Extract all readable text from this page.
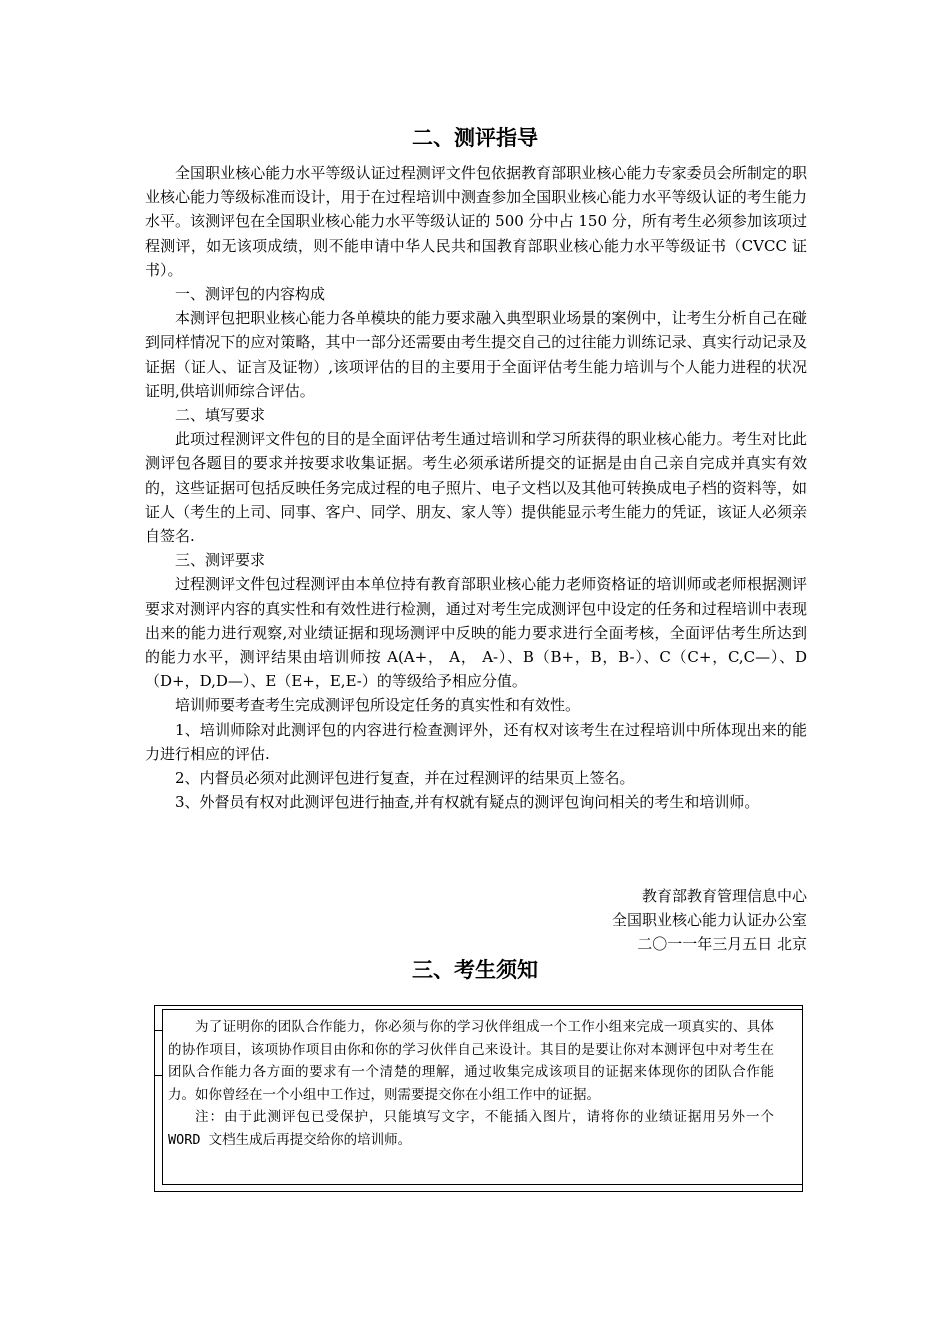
二、测评指导

全国职业核心能力水平等级认证过程测评文件包依据教育部职业核心能力专家委员会所制定的职业核心能力等级标准而设计，用于在过程培训中测查参加全国职业核心能力水平等级认证的考生能力水平。该测评包在全国职业核心能力水平等级认证的 500 分中占 150 分，所有考生必须参加该项过程测评，如无该项成绩，则不能申请中华人民共和国教育部职业核心能力水平等级证书（CVCC 证书）。

一、测评包的内容构成

本测评包把职业核心能力各单模块的能力要求融入典型职业场景的案例中，让考生分析自己在碰到同样情况下的应对策略，其中一部分还需要由考生提交自己的过往能力训练记录、真实行动记录及证据（证人、证言及证物）,该项评估的目的主要用于全面评估考生能力培训与个人能力进程的状况证明,供培训师综合评估。

二、填写要求

此项过程测评文件包的目的是全面评估考生通过培训和学习所获得的职业核心能力。考生对比此测评包各题目的要求并按要求收集证据。考生必须承诺所提交的证据是由自己亲自完成并真实有效的，这些证据可包括反映任务完成过程的电子照片、电子文档以及其他可转换成电子档的资料等，如证人（考生的上司、同事、客户、同学、朋友、家人等）提供能显示考生能力的凭证，该证人必须亲自签名.

三、测评要求

过程测评文件包过程测评由本单位持有教育部职业核心能力老师资格证的培训师或老师根据测评要求对测评内容的真实性和有效性进行检测，通过对考生完成测评包中设定的任务和过程培训中表现出来的能力进行观察,对业绩证据和现场测评中反映的能力要求进行全面考核，全面评估考生所达到的能力水平，测评结果由培训师按 A(A+， A， A-）、B（B+，B，B-）、C（C+，C,C—）、D（D+，D,D—）、E（E+，E,E-）的等级给予相应分值。

培训师要考查考生完成测评包所设定任务的真实性和有效性。

1、培训师除对此测评包的内容进行检查测评外，还有权对该考生在过程培训中所体现出来的能力进行相应的评估.

2、内督员必须对此测评包进行复查，并在过程测评的结果页上签名。

3、外督员有权对此测评包进行抽查,并有权就有疑点的测评包询问相关的考生和培训师。

教育部教育管理信息中心
全国职业核心能力认证办公室
二〇一一年三月五日 北京
三、考生须知

为了证明你的团队合作能力，你必须与你的学习伙伴组成一个工作小组来完成一项真实的、具体的协作项目，该项协作项目由你和你的学习伙伴自己来设计。其目的是要让你对本测评包中对考生在团队合作能力各方面的要求有一个清楚的理解，通过收集完成该项目的证据来体现你的团队合作能力。如你曾经在一个小组中工作过，则需要提交你在小组工作中的证据。

注：由于此测评包已受保护，只能填写文字，不能插入图片，请将你的业绩证据用另外一个 WORD 文档生成后再提交给你的培训师。
